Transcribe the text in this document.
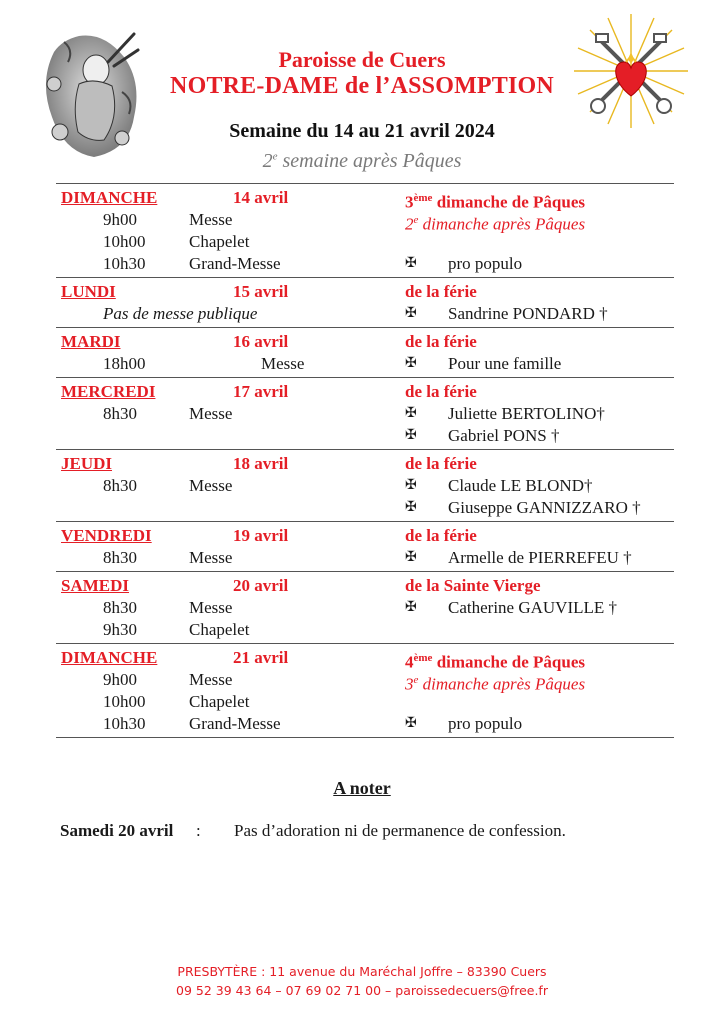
Paroisse de Cuers
NOTRE-DAME de l’ASSOMPTION
Semaine du 14 au 21 avril 2024
2e semaine après Pâques
DIMANCHE	14 avril	3ème dimanche de Pâques
9h00	Messe	2e dimanche après Pâques
10h00	Chapelet
10h30	Grand-Messe	✠ pro populo
LUNDI	15 avril	de la férie
Pas de messe publique	✠ Sandrine PONDARD †
MARDI	16 avril	de la férie
18h00	Messe	✠ Pour une famille
MERCREDI	17 avril	de la férie
8h30	Messe	✠ Juliette BERTOLINO†
✠ Gabriel PONS †
JEUDI	18 avril	de la férie
8h30	Messe	✠ Claude LE BLOND†
✠ Giuseppe GANNIZZARO †
VENDREDI	19 avril	de la férie
8h30	Messe	✠ Armelle de PIERREFEU †
SAMEDI	20 avril	de la Sainte Vierge
8h30	Messe	✠ Catherine GAUVILLE †
9h30	Chapelet
DIMANCHE	21 avril	4ème dimanche de Pâques
9h00	Messe	3e dimanche après Pâques
10h00	Chapelet
10h30	Grand-Messe	✠ pro populo
A noter
Samedi 20 avril : Pas d’adoration ni de permanence de confession.
PRESBYTÈRE : 11 avenue du Maréchal Joffre – 83390 Cuers
09 52 39 43 64 – 07 69 02 71 00 – paroissedecuers@free.fr
